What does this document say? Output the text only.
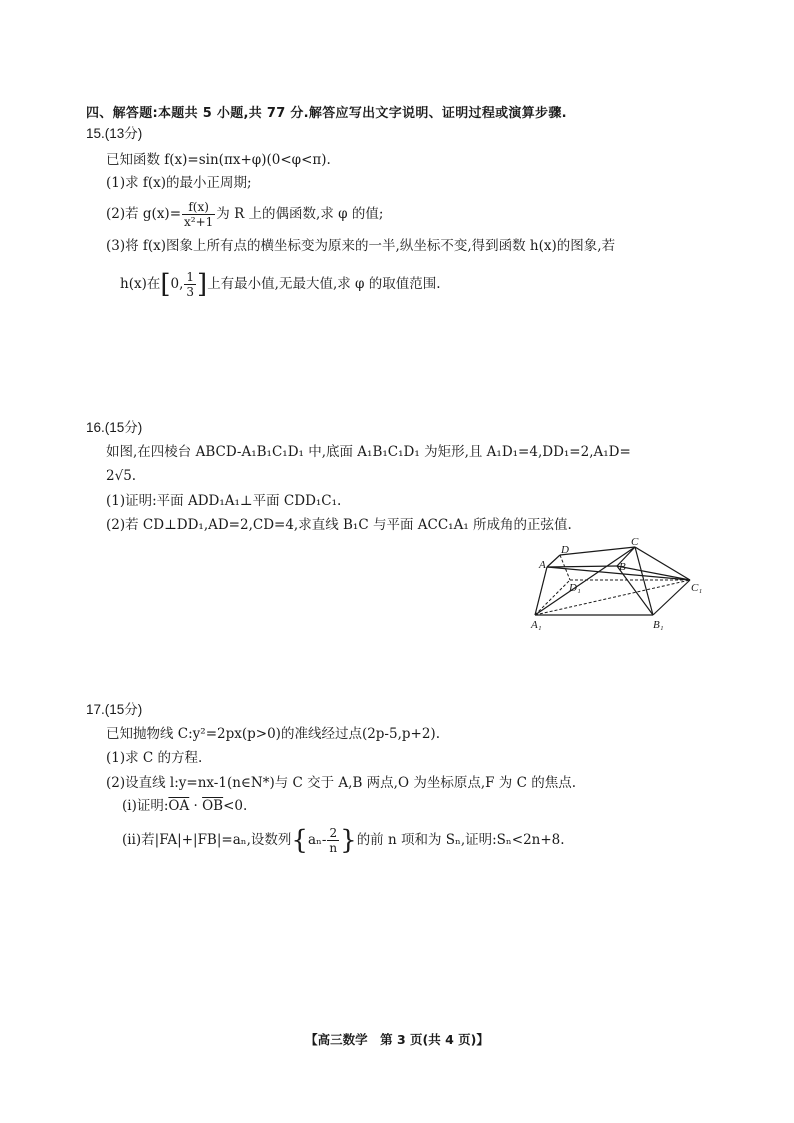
四、解答题:本题共 5 小题,共 77 分.解答应写出文字说明、证明过程或演算步骤.
15.(13分)
已知函数 f(x)=sin(πx+φ)(0<φ<π).
(1)求 f(x)的最小正周期;
(2)若 $g(x)= \frac{f(x)}{\text{x²+1}}$ 为 R 上的偶函数,求 φ 的值;
(3)将 f(x)图象上所有点的横坐标变为原来的一半,纵坐标不变,得到函数 h(x)的图象,若
h(x)在[0, $\frac{1}{3}$ ]上有最小值,无最大值,求 φ 的取值范围.
16.(15分)
如图,在四棱台 ABCD-A₁B₁C₁D₁ 中,底面 A₁B₁C₁D₁ 为矩形,且 A₁D₁=4,DD₁=2,A₁D=
2√5.
(1)证明:平面 ADD₁A₁⊥平面 CDD₁C₁.
(2)若 CD⊥DD₁,AD=2,CD=4,求直线 B₁C 与平面 ACC₁A₁ 所成角的正弦值.
D
C
A	B
D₁	C₁
A₁	B₁
17.(15分)
已知抛物线 C:y²=2px(p>0)的准线经过点(2p-5,p+2).
(1)求 C 的方程.
(2)设直线 l:y=nx-1(n∈N*)与 C 交于 A,B 两点,O 为坐标原点,F 为 C 的焦点.
(ⅰ)证明$:\overline{OA} \cdot \overline{OB}<0$.
(ⅱ)若|FA|+|FB|=aₙ,设数列{$a_n- \frac{2}{n}$ }的前 n 项和为 Sₙ,证明:Sₙ<2n+8.
【高三数学　第 3 页(共 4 页)】
